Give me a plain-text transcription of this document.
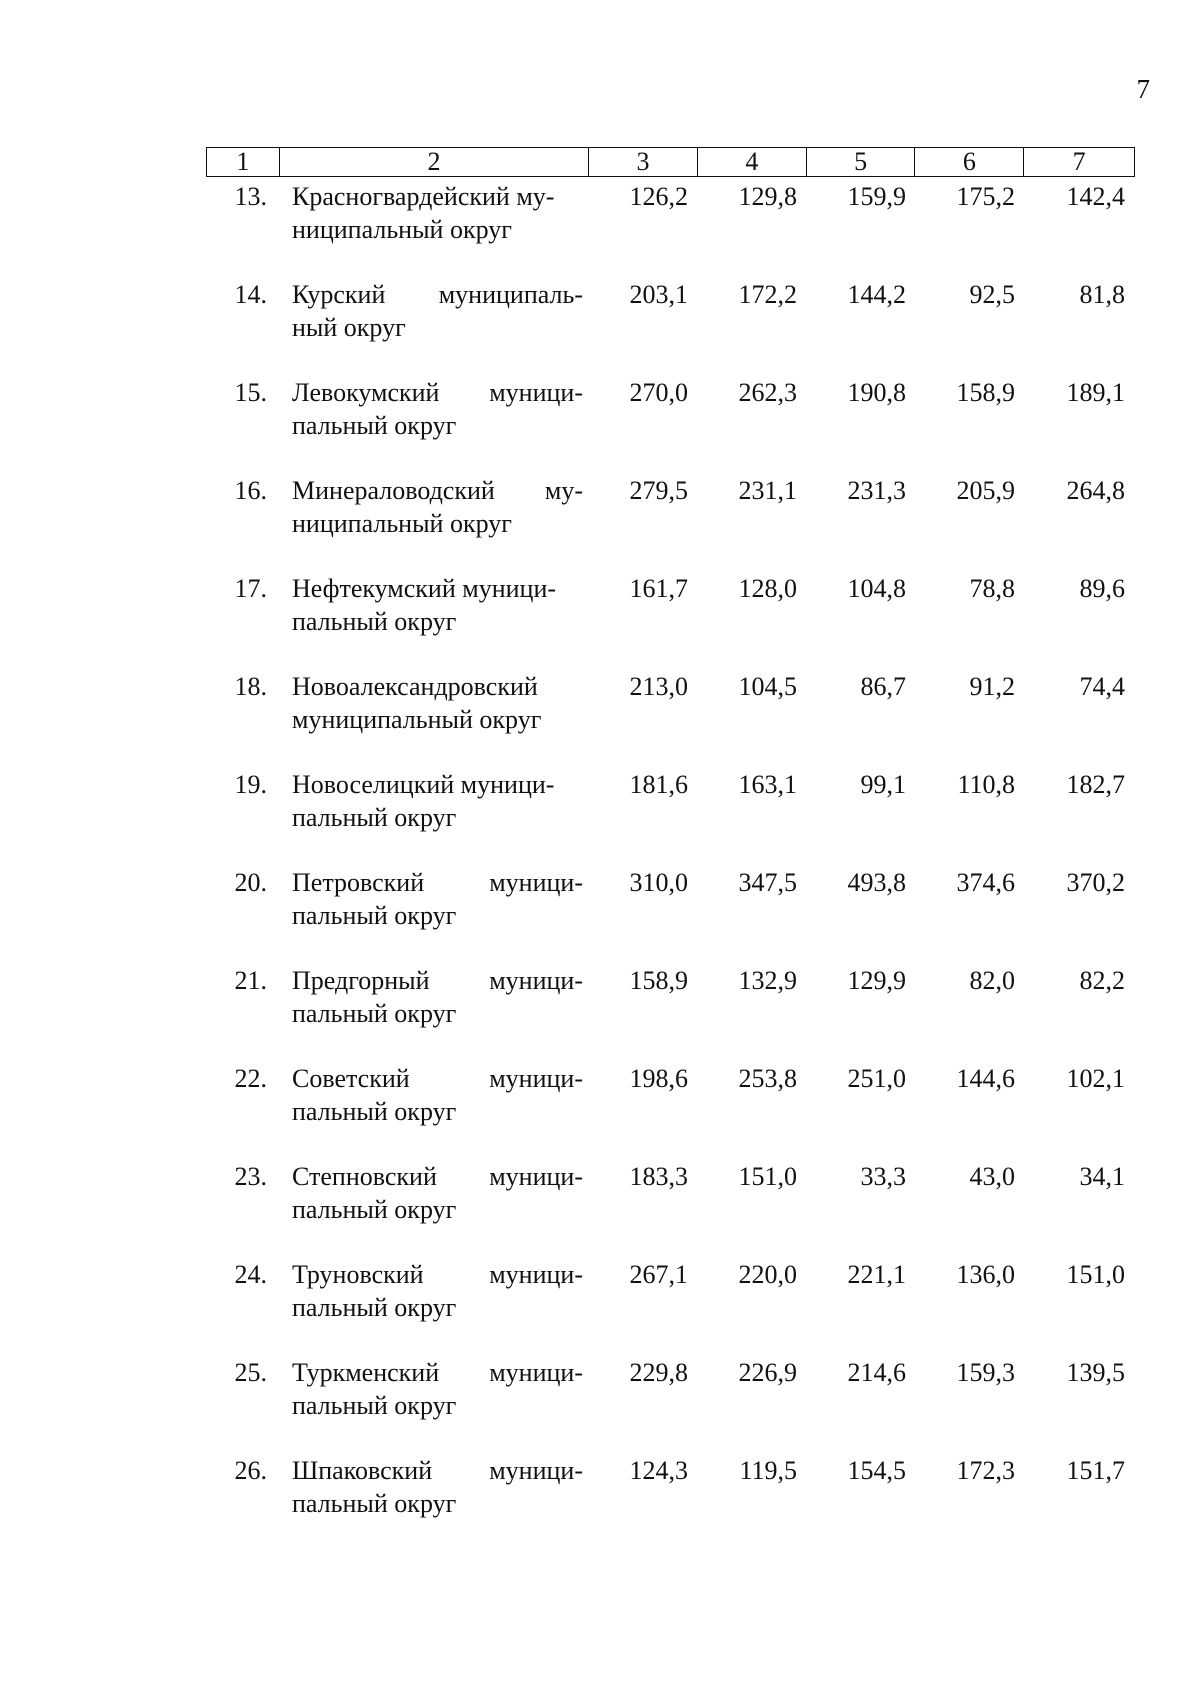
7
1	2	3	4	5	6	7
13. Красногвардейский му-
ниципальный округ
126,2	129,8	159,9	175,2	142,4
14. Курский муниципаль-
ный округ
203,1	172,2	144,2	92,5	81,8
15. Левокумский муници-
пальный округ
270,0	262,3	190,8	158,9	189,1
16. Минераловодский му-
ниципальный округ
279,5	231,1	231,3	205,9	264,8
17. Нефтекумский муници-
пальный округ
161,7	128,0	104,8	78,8	89,6
18. Новоалександровский
муниципальный округ
213,0	104,5	86,7	91,2	74,4
19. Новоселицкий муници-
пальный округ
181,6	163,1	99,1	110,8	182,7
20. Петровский муници-
пальный округ
310,0	347,5	493,8	374,6	370,2
21. Предгорный муници-
пальный округ
158,9	132,9	129,9	82,0	82,2
22. Советский муници-
пальный округ
198,6	253,8	251,0	144,6	102,1
23. Степновский муници-
пальный округ
183,3	151,0	33,3	43,0	34,1
24. Труновский муници-
пальный округ
267,1	220,0	221,1	136,0	151,0
25. Туркменский муници-
пальный округ
229,8	226,9	214,6	159,3	139,5
26. Шпаковский муници-
пальный округ
124,3	119,5	154,5	172,3	151,7
